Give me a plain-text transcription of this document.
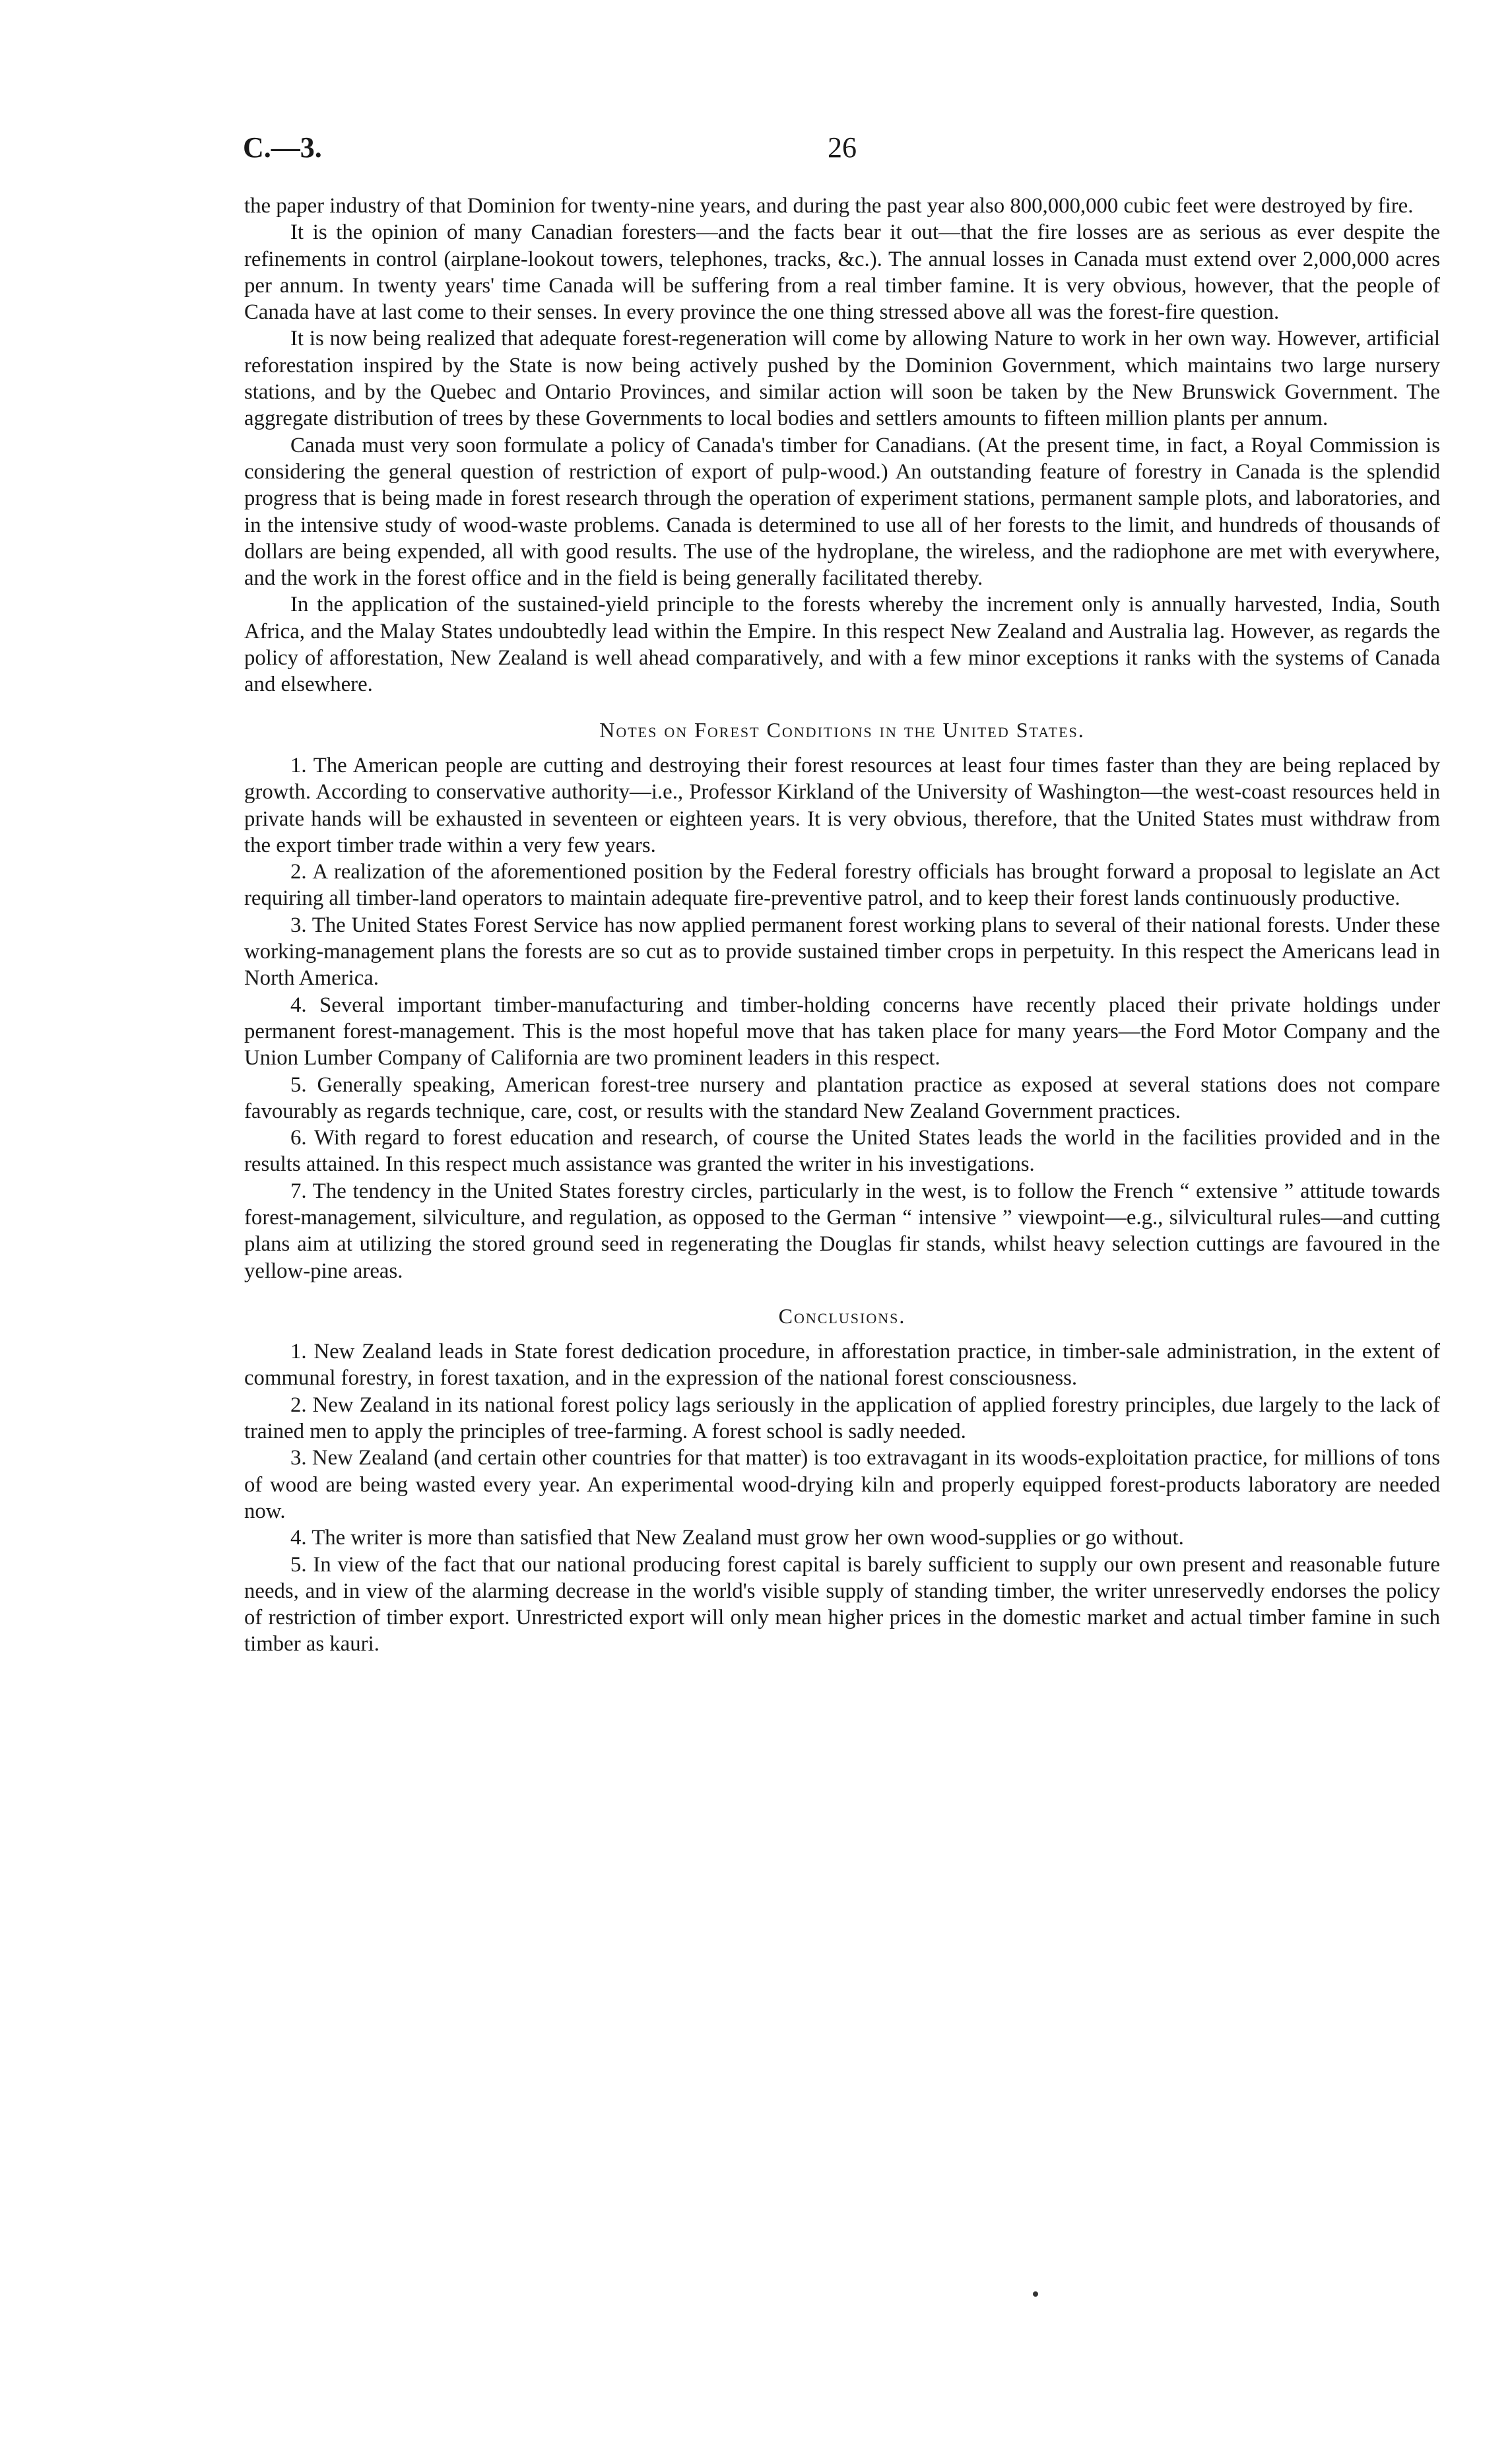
C.—3.	26

the paper industry of that Dominion for twenty-nine years, and during the past year also 800,000,000 cubic feet were destroyed by fire.

It is the opinion of many Canadian foresters—and the facts bear it out—that the fire losses are as serious as ever despite the refinements in control (airplane-lookout towers, telephones, tracks, &c.). The annual losses in Canada must extend over 2,000,000 acres per annum. In twenty years' time Canada will be suffering from a real timber famine. It is very obvious, however, that the people of Canada have at last come to their senses. In every province the one thing stressed above all was the forest-fire question.

It is now being realized that adequate forest-regeneration will come by allowing Nature to work in her own way. However, artificial reforestation inspired by the State is now being actively pushed by the Dominion Government, which maintains two large nursery stations, and by the Quebec and Ontario Provinces, and similar action will soon be taken by the New Brunswick Government. The aggregate distribution of trees by these Governments to local bodies and settlers amounts to fifteen million plants per annum.

Canada must very soon formulate a policy of Canada's timber for Canadians. (At the present time, in fact, a Royal Commission is considering the general question of restriction of export of pulp-wood.) An outstanding feature of forestry in Canada is the splendid progress that is being made in forest research through the operation of experiment stations, permanent sample plots, and laboratories, and in the intensive study of wood-waste problems. Canada is determined to use all of her forests to the limit, and hundreds of thousands of dollars are being expended, all with good results. The use of the hydroplane, the wireless, and the radiophone are met with everywhere, and the work in the forest office and in the field is being generally facilitated thereby.

In the application of the sustained-yield principle to the forests whereby the increment only is annually harvested, India, South Africa, and the Malay States undoubtedly lead within the Empire. In this respect New Zealand and Australia lag. However, as regards the policy of afforestation, New Zealand is well ahead comparatively, and with a few minor exceptions it ranks with the systems of Canada and elsewhere.

Notes on Forest Conditions in the United States.

1. The American people are cutting and destroying their forest resources at least four times faster than they are being replaced by growth. According to conservative authority—i.e., Professor Kirkland of the University of Washington—the west-coast resources held in private hands will be exhausted in seventeen or eighteen years. It is very obvious, therefore, that the United States must withdraw from the export timber trade within a very few years.

2. A realization of the aforementioned position by the Federal forestry officials has brought forward a proposal to legislate an Act requiring all timber-land operators to maintain adequate fire-preventive patrol, and to keep their forest lands continuously productive.

3. The United States Forest Service has now applied permanent forest working plans to several of their national forests. Under these working-management plans the forests are so cut as to provide sustained timber crops in perpetuity. In this respect the Americans lead in North America.

4. Several important timber-manufacturing and timber-holding concerns have recently placed their private holdings under permanent forest-management. This is the most hopeful move that has taken place for many years—the Ford Motor Company and the Union Lumber Company of California are two prominent leaders in this respect.

5. Generally speaking, American forest-tree nursery and plantation practice as exposed at several stations does not compare favourably as regards technique, care, cost, or results with the standard New Zealand Government practices.

6. With regard to forest education and research, of course the United States leads the world in the facilities provided and in the results attained. In this respect much assistance was granted the writer in his investigations.

7. The tendency in the United States forestry circles, particularly in the west, is to follow the French “ extensive ” attitude towards forest-management, silviculture, and regulation, as opposed to the German “ intensive ” viewpoint—e.g., silvicultural rules—and cutting plans aim at utilizing the stored ground seed in regenerating the Douglas fir stands, whilst heavy selection cuttings are favoured in the yellow-pine areas.

Conclusions.

1. New Zealand leads in State forest dedication procedure, in afforestation practice, in timber-sale administration, in the extent of communal forestry, in forest taxation, and in the expression of the national forest consciousness.

2. New Zealand in its national forest policy lags seriously in the application of applied forestry principles, due largely to the lack of trained men to apply the principles of tree-farming. A forest school is sadly needed.

3. New Zealand (and certain other countries for that matter) is too extravagant in its woods-exploitation practice, for millions of tons of wood are being wasted every year. An experimental wood-drying kiln and properly equipped forest-products laboratory are needed now.

4. The writer is more than satisfied that New Zealand must grow her own wood-supplies or go without.

5. In view of the fact that our national producing forest capital is barely sufficient to supply our own present and reasonable future needs, and in view of the alarming decrease in the world's visible supply of standing timber, the writer unreservedly endorses the policy of restriction of timber export. Unrestricted export will only mean higher prices in the domestic market and actual timber famine in such timber as kauri.
